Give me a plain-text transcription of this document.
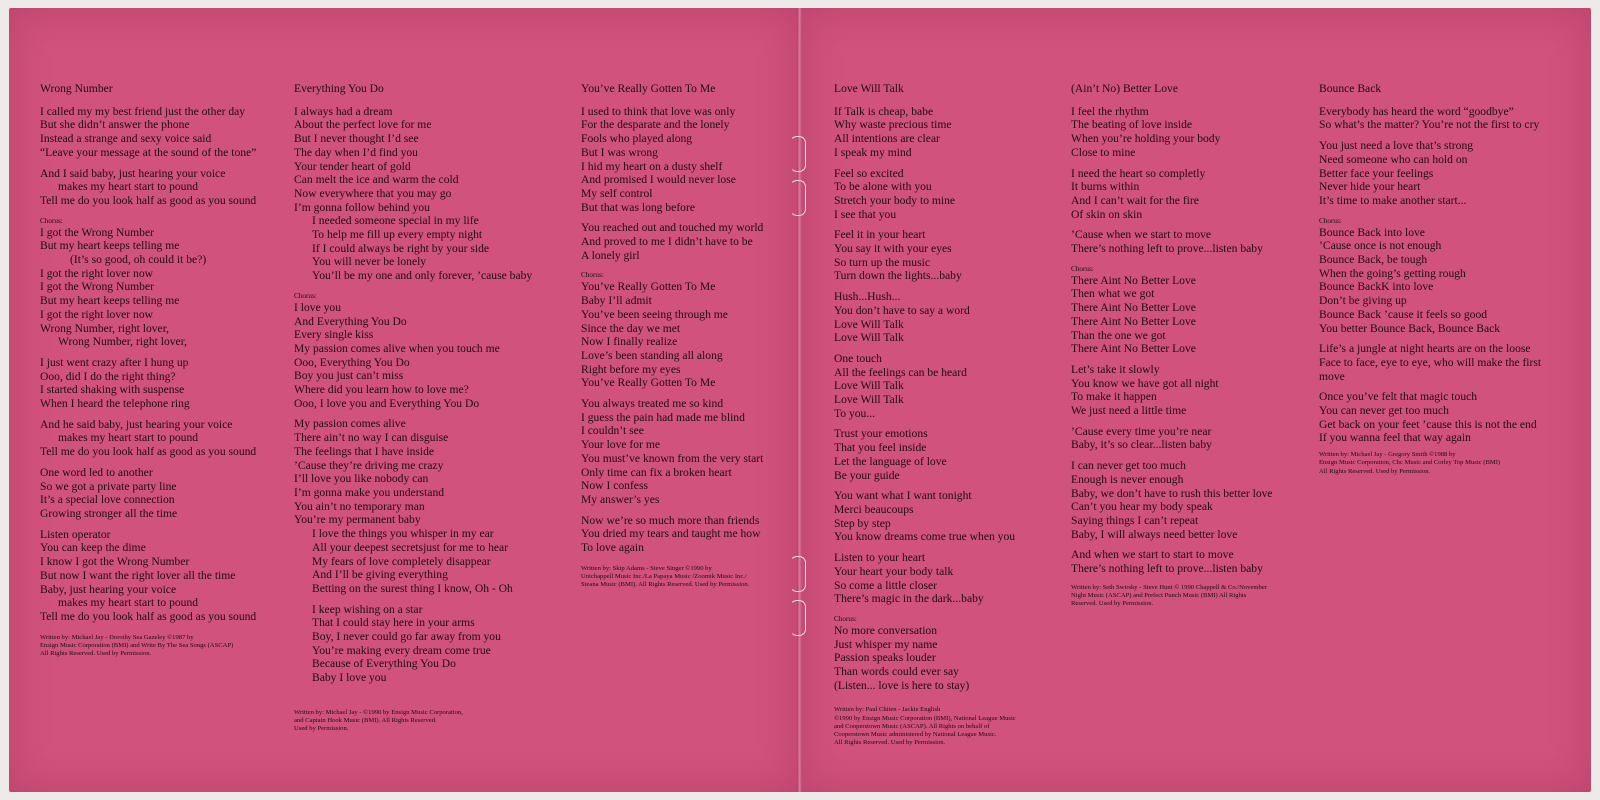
Wrong Number
I called my my best friend just the other day
But she didn’t answer the phone
Instead a strange and sexy voice said
“Leave your message at the sound of the tone”
And I said baby, just hearing your voice
makes my heart start to pound
Tell me do you look half as good as you sound
Chorus:
I got the Wrong Number
But my heart keeps telling me
(It’s so good, oh could it be?)
I got the right lover now
I got the Wrong Number
But my heart keeps telling me
I got the right lover now
Wrong Number, right lover,
Wrong Number, right lover,
I just went crazy after I hung up
Ooo, did I do the right thing?
I started shaking with suspense
When I heard the telephone ring
And he said baby, just hearing your voice
makes my heart start to pound
Tell me do you look half as good as you sound
One word led to another
So we got a private party line
It’s a special love connection
Growing stronger all the time
Listen operator
You can keep the dime
I know I got the Wrong Number
But now I want the right lover all the time
Baby, just hearing your voice
makes my heart start to pound
Tell me do you look half as good as you sound
Written by: Michael Jay - Dorothy Sea Gazeley ©1987 by
Ensign Music Corporation (BMI) and Write By The Sea Songs (ASCAP)
All Rights Reserved. Used by Permission.
Everything You Do
I always had a dream
About the perfect love for me
But I never thought I’d see
The day when I’d find you
Your tender heart of gold
Can melt the ice and warm the cold
Now everywhere that you may go
I’m gonna follow behind you
I needed someone special in my life
To help me fill up every empty night
If I could always be right by your side
You will never be lonely
You’ll be my one and only forever, ’cause baby
Chorus:
I love you
And Everything You Do
Every single kiss
My passion comes alive when you touch me
Ooo, Everything You Do
Boy you just can’t miss
Where did you learn how to love me?
Ooo, I love you and Everything You Do
My passion comes alive
There ain’t no way I can disguise
The feelings that I have inside
’Cause they’re driving me crazy
I’ll love you like nobody can
I’m gonna make you understand
You ain’t no temporary man
You’re my permanent baby
I love the things you whisper in my ear
All your deepest secretsjust for me to hear
My fears of love completely disappear
And I’ll be giving everything
Betting on the surest thing I know, Oh - Oh
I keep wishing on a star
That I could stay here in your arms
Boy, I never could go far away from you
You’re making every dream come true
Because of Everything You Do
Baby I love you
Written by: Michael Jay - ©1990 by Ensign Music Corporation,
and Captain Hook Music (BMI). All Rights Reserved.
Used by Permission.
You’ve Really Gotten To Me
I used to think that love was only
For the desparate and the lonely
Fools who played along
But I was wrong
I hid my heart on a dusty shelf
And promised I would never lose
My self control
But that was long before
You reached out and touched my world
And proved to me I didn’t have to be
A lonely girl
Chorus:
You’ve Really Gotten To Me
Baby I’ll admit
You’ve been seeing through me
Since the day we met
Now I finally realize
Love’s been standing all along
Right before my eyes
You’ve Really Gotten To Me
You always treated me so kind
I guess the pain had made me blind
I couldn’t see
Your love for me
You must’ve known from the very start
Only time can fix a broken heart
Now I confess
My answer’s yes
Now we’re so much more than friends
You dried my tears and taught me how
To love again
Written by: Skip Adams - Steve Singer ©1990 by
Unichappell Music Inc./La Papaya Music /Zoomik Music Inc./
Steana Music (BMI). All Rights Reserved. Used by Permission.
Love Will Talk
If Talk is cheap, babe
Why waste precious time
All intentions are clear
I speak my mind
Feel so excited
To be alone with you
Stretch your body to mine
I see that you
Feel it in your heart
You say it with your eyes
So turn up the music
Turn down the lights...baby
Hush...Hush...
You don’t have to say a word
Love Will Talk
Love Will Talk
One touch
All the feelings can be heard
Love Will Talk
Love Will Talk
To you...
Trust your emotions
That you feel inside
Let the language of love
Be your guide
You want what I want tonight
Merci beaucoups
Step by step
You know dreams come true when you
Listen to your heart
Your heart your body talk
So come a little closer
There’s magic in the dark...baby
Chorus:
No more conversation
Just whisper my name
Passion speaks louder
Than words could ever say
(Listen... love is here to stay)
Written by: Paul Chiten - Jackie English
©1990 by Ensign Music Corporation (BMI), National League Music
and Cooperstown Music (ASCAP). All Rights on behalf of
Cooperstown Music administered by National League Music.
All Rights Reserved. Used by Permission.
(Ain’t No) Better Love
I feel the rhythm
The beating of love inside
When you’re holding your body
Close to mine
I need the heart so completly
It burns within
And I can’t wait for the fire
Of skin on skin
’Cause when we start to move
There’s nothing left to prove...listen baby
Chorus:
There Aint No Better Love
Then what we got
There Aint No Better Love
There Aint No Better Love
Than the one we got
There Aint No Better Love
Let’s take it slowly
You know we have got all night
To make it happen
We just need a little time
’Cause every time you’re near
Baby, it’s so clear...listen baby
I can never get too much
Enough is never enough
Baby, we don’t have to rush this better love
Can’t you hear my body speak
Saying things I can’t repeat
Baby, I will always need better love
And when we start to start to move
There’s nothing left to prove...listen baby
Written by: Seth Swirsky - Steve Hunt © 1990 Chappell & Co./November
Night Music (ASCAP) and Prefect Punch Music (BMI) All Rights
Reserved. Used by Permission.
Bounce Back
Everybody has heard the word “goodbye”
So what’s the matter? You’re not the first to cry
You just need a love that’s strong
Need someone who can hold on
Better face your feelings
Never hide your heart
It’s time to make another start...
Chorus:
Bounce Back into love
’Cause once is not enough
Bounce Back, be tough
When the going’s getting rough
Bounce BackK into love
Don’t be giving up
Bounce Back ’cause it feels so good
You better Bounce Back, Bounce Back
Life’s a jungle at night hearts are on the loose
Face to face, eye to eye, who will make the first
move
Once you’ve felt that magic touch
You can never get too much
Get back on your feet ’cause this is not the end
If you wanna feel that way again
Written by: Michael Jay - Gregory Smith ©1988 by
Ensign Music Corporation, Chc Music and Corley Top Music (BMI)
All Rights Reserved. Used by Permission.
